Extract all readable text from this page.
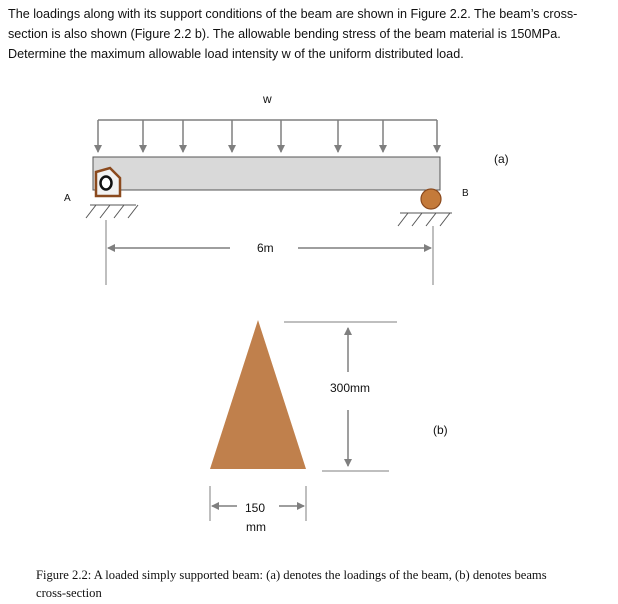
The loadings along with its support conditions of the beam are shown in Figure 2.2. The beam’s cross-
section is also shown (Figure 2.2 b). The allowable bending stress of the beam material is 150MPa.
Determine the maximum allowable load intensity w of the uniform distributed load.
w
A	B
(a)
6m
300mm
(b)
150
mm
Figure 2.2: A loaded simply supported beam: (a) denotes the loadings of the beam, (b) denotes beams
cross-section
